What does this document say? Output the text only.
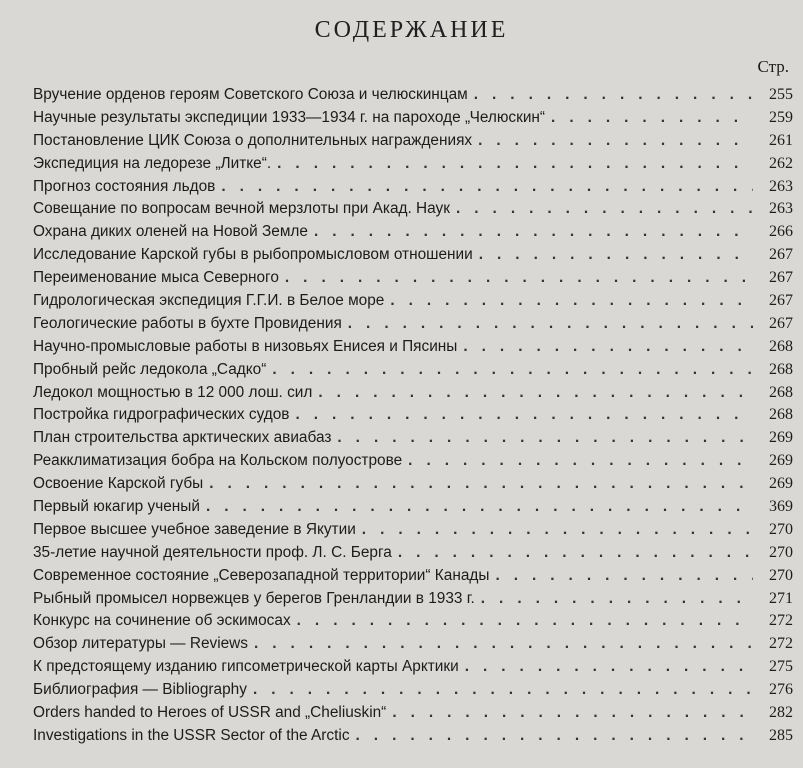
СОДЕРЖАНИЕ
Стр.
Вручение орденов героям Советского Союза и челюскинцам .....	255
Научные результаты экспедиции 1933—1934 г. на пароходе „Челюскин“ .....	259
Постановление ЦИК Союза о дополнительных награждениях .....	261
Экспедиция на ледорезе „Литке“. .....	262
Прогноз состояния льдов .....	263
Совещание по вопросам вечной мерзлоты при Акад. Наук .....	263
Охрана диких оленей на Новой Земле .....	266
Исследование Карской губы в рыбопромысловом отношении .....	267
Переименование мыса Северного .....	267
Гидрологическая экспедиция Г.Г.И. в Белое море .....	267
Геологические работы в бухте Провидения .....	267
Научно-промысловые работы в низовьях Енисея и Пясины .....	268
Пробный рейс ледокола „Садко“ .....	268
Ледокол мощностью в 12 000 лош. сил .....	268
Постройка гидрографических судов .....	268
План строительства арктических авиабаз .....	269
Реакклиматизация бобра на Кольском полуострове .....	269
Освоение Карской губы .....	269
Первый юкагир ученый .....	369
Первое высшее учебное заведение в Якутии .....	270
35-летие научной деятельности проф. Л. С. Берга .....	270
Современное состояние „Северозападной территории“ Канады .....	270
Рыбный промысел норвежцев у берегов Гренландии в 1933 г. .....	271
Конкурс на сочинение об эскимосах .....	272
Обзор литературы — Reviews .....	272
К предстоящему изданию гипсометрической карты Арктики .....	275
Библиография — Bibliography .....	276
Orders handed to Heroes of USSR and „Cheliuskin“ .....	282
Investigations in the USSR Sector of the Arctic .....	285
